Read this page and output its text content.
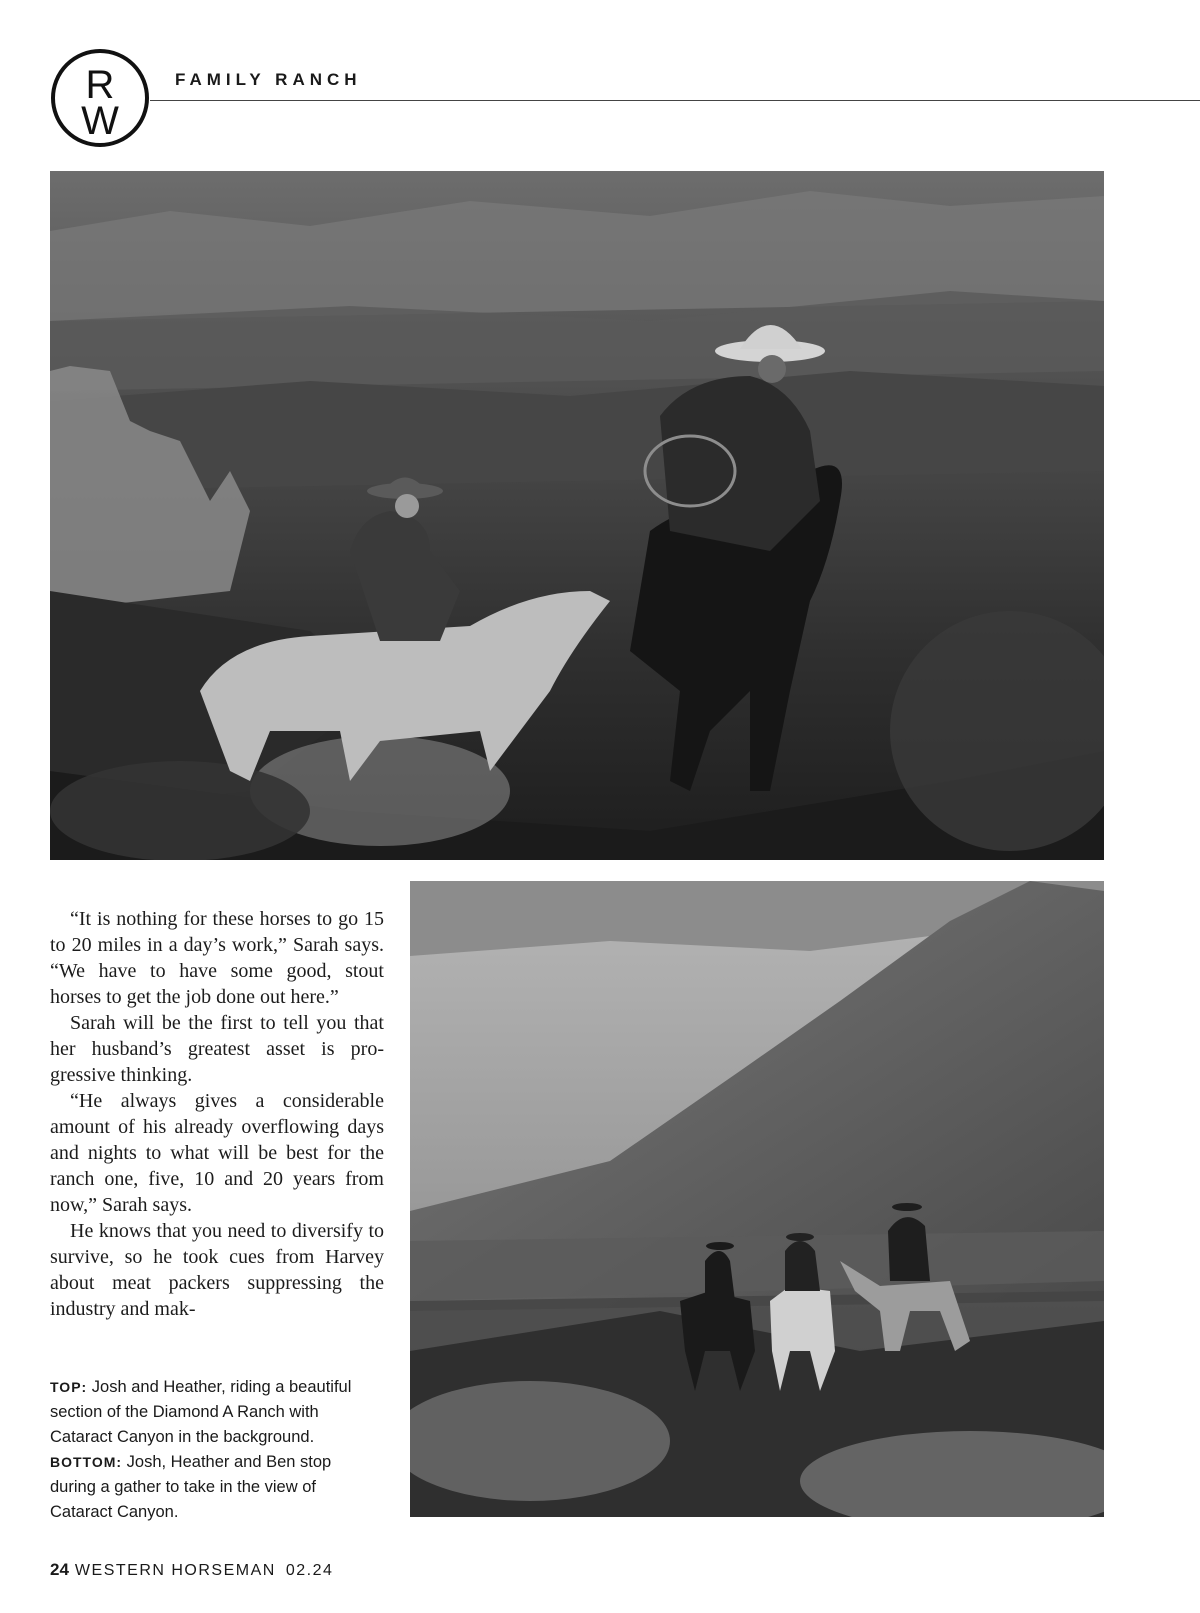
R
W
FAMILY RANCH

“It is nothing for these horses to go 15 to 20 miles in a day’s work,” Sarah says. “We have to have some good, stout horses to get the job done out here.”

Sarah will be the first to tell you that her husband’s greatest asset is progressive thinking.

“He always gives a considerable amount of his already overflowing days and nights to what will be best for the ranch one, five, 10 and 20 years from now,” Sarah says.

He knows that you need to diversify to survive, so he took cues from Harvey about meat packers suppressing the industry and mak-

TOP: Josh and Heather, riding a beautiful section of the Diamond A Ranch with Cataract Canyon in the background. BOTTOM: Josh, Heather and Ben stop during a gather to take in the view of Cataract Canyon.
24 WESTERN HORSEMAN 02.24
